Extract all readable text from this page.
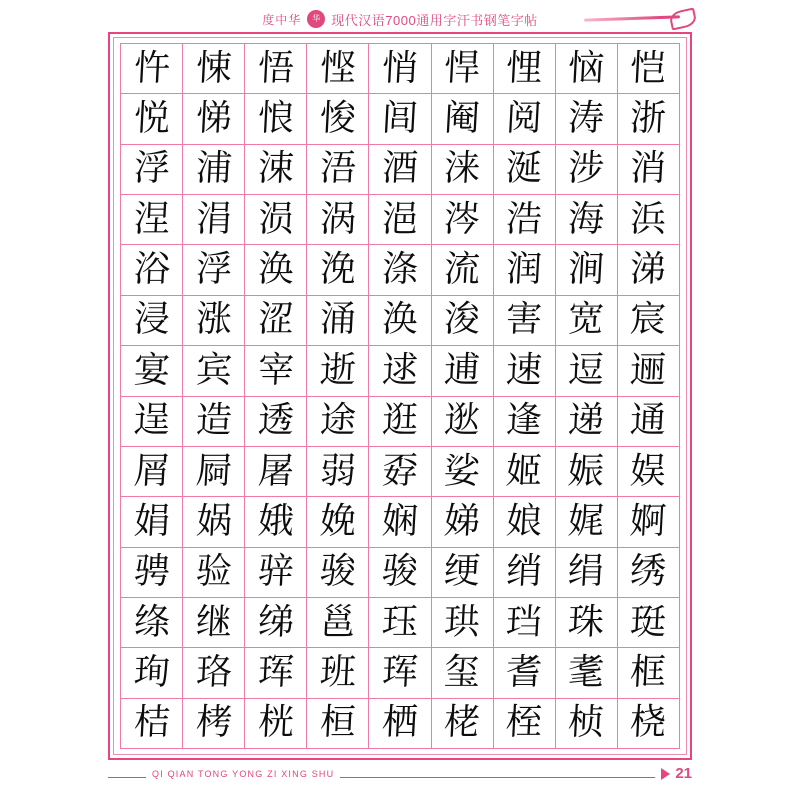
度中华	华 现代汉语7000通用字汗书钢笔字帖
忤 悚 悟 悭 悄 悍 悝 恼 恺
悦 悌 悢 悛 闾 阉 阅 涛 浙
浮 浦 涑 浯 酒 涞 涎 涉 消
涅 涓 涢 涡 浥 涔 浩 海 浜
浴 浮 涣 浼 涤 流 润 涧 涕
浸 涨 涩 涌 涣 浚 害 宽 宸
宴 宾 宰 逝 逑 逋 速 逗 逦
逞 造 透 途 逛 逖 逢 递 通
屑 屙 屠 弱 孬 娑 姬 娠 娱
娟 娲 娥 娩 娴 娣 娘 娓 婀
骋 验 骍 骏 骏 绠 绡 绢 绣
绦 继 绨 邕 珏 珙 珰 珠 珽
珣 珞 珲 班 珲 玺 耆 耄 框
桔 栲 桄 桓 栖 栳 桎 桢 桡
QI QIAN TONG YONG ZI XING SHU	21
